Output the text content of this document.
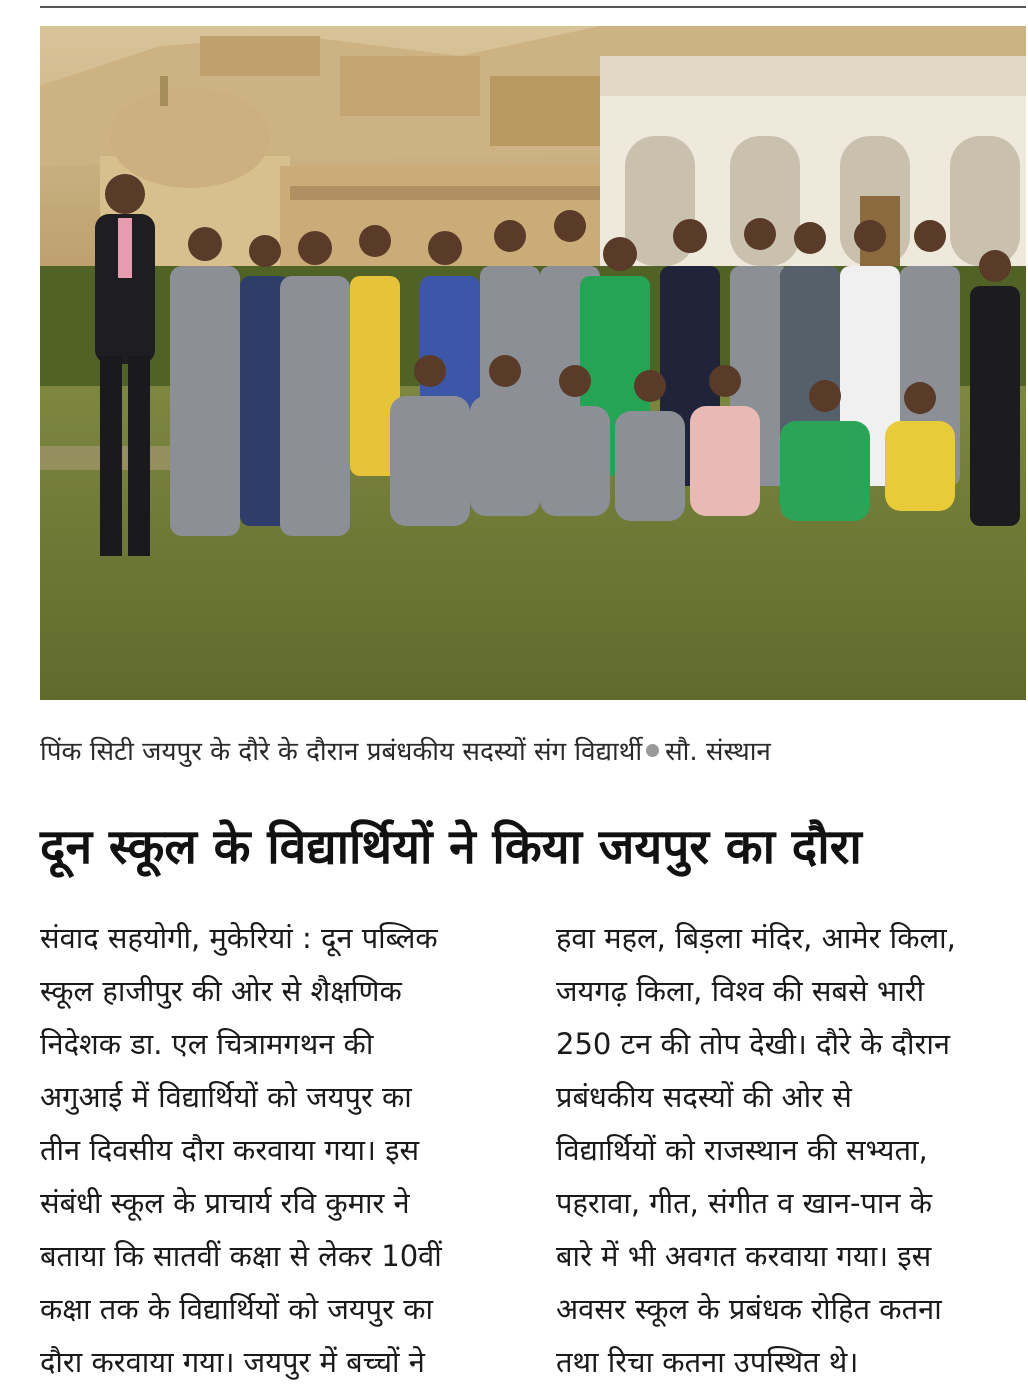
पिंक सिटी जयपुर के दौरे के दौरान प्रबंधकीय सदस्यों संग विद्यार्थी सौ. संस्थान
दून स्कूल के विद्यार्थियों ने किया जयपुर का दौरा
संवाद सहयोगी, मुकेरियां : दून पब्लिक
स्कूल हाजीपुर की ओर से शैक्षणिक
निदेशक डा. एल चित्रामगथन की
अगुआई में विद्यार्थियों को जयपुर का
तीन दिवसीय दौरा करवाया गया। इस
संबंधी स्कूल के प्राचार्य रवि कुमार ने
बताया कि सातवीं कक्षा से लेकर 10वीं
कक्षा तक के विद्यार्थियों को जयपुर का
दौरा करवाया गया। जयपुर में बच्चों ने
हवा महल, बिड़ला मंदिर, आमेर किला,
जयगढ़ किला, विश्व की सबसे भारी
250 टन की तोप देखी। दौरे के दौरान
प्रबंधकीय सदस्यों की ओर से
विद्यार्थियों को राजस्थान की सभ्यता,
पहरावा, गीत, संगीत व खान-पान के
बारे में भी अवगत करवाया गया। इस
अवसर स्कूल के प्रबंधक रोहित कतना
तथा रिचा कतना उपस्थित थे।
